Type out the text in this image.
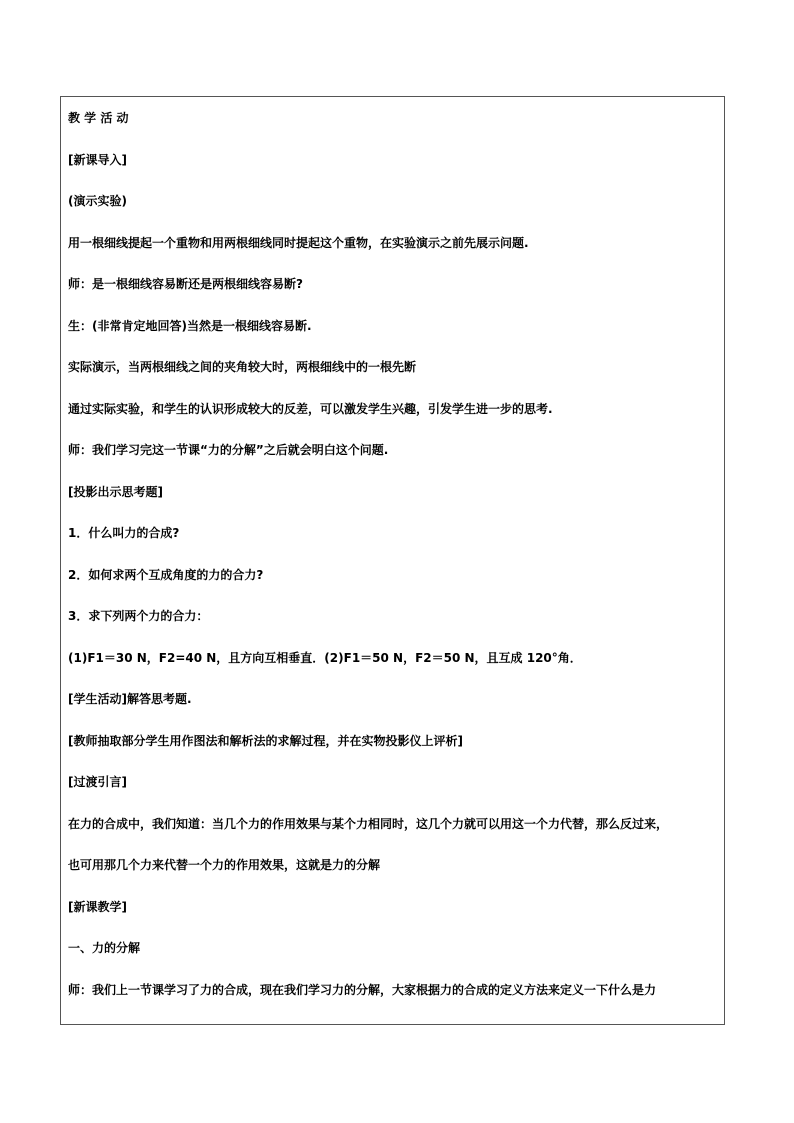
教 学 活 动
[新课导入]
(演示实验)
用一根细线提起一个重物和用两根细线同时提起这个重物，在实验演示之前先展示问题.
师：是一根细线容易断还是两根细线容易断?
生：(非常肯定地回答)当然是一根细线容易断.
实际演示，当两根细线之间的夹角较大时，两根细线中的一根先断
通过实际实验，和学生的认识形成较大的反差，可以激发学生兴趣，引发学生进一步的思考.
师：我们学习完这一节课“力的分解”之后就会明白这个问题.
[投影出示思考题]
1．什么叫力的合成?
2．如何求两个互成角度的力的合力?
3．求下列两个力的合力：
(1)F1＝30 N，F2=40 N，且方向互相垂直．(2)F1＝50 N，F2＝50 N，且互成 120°角．
[学生活动]解答思考题.
[教师抽取部分学生用作图法和解析法的求解过程，并在实物投影仪上评析]
[过渡引言]
在力的合成中，我们知道：当几个力的作用效果与某个力相同时，这几个力就可以用这一个力代替，那么反过来，
也可用那几个力来代替一个力的作用效果，这就是力的分解
[新课教学]
一、力的分解
师：我们上一节课学习了力的合成，现在我们学习力的分解，大家根据力的合成的定义方法来定义一下什么是力
